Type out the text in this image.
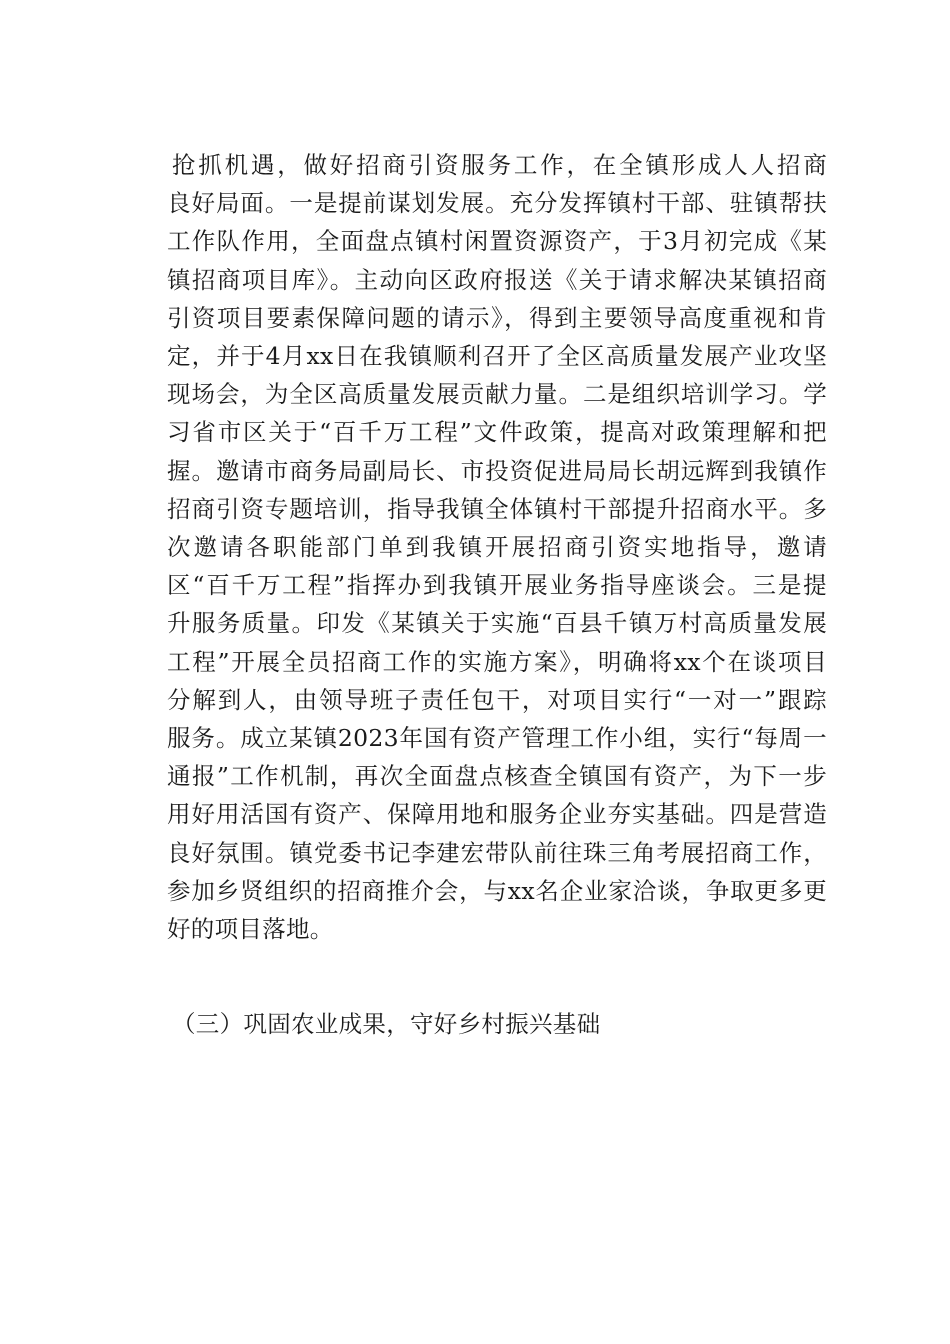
抢抓机遇，做好招商引资服务工作，在全镇形成人人招商
良好局面。一是提前谋划发展。充分发挥镇村干部、驻镇帮扶
工作队作用，全面盘点镇村闲置资源资产，于3月初完成《某
镇招商项目库》。主动向区政府报送《关于请求解决某镇招商
引资项目要素保障问题的请示》，得到主要领导高度重视和肯
定，并于4月xx日在我镇顺利召开了全区高质量发展产业攻坚
现场会，为全区高质量发展贡献力量。二是组织培训学习。学
习省市区关于“百千万工程”文件政策，提高对政策理解和把
握。邀请市商务局副局长、市投资促进局局长胡远辉到我镇作
招商引资专题培训，指导我镇全体镇村干部提升招商水平。多
次邀请各职能部门单到我镇开展招商引资实地指导，邀请
区“百千万工程”指挥办到我镇开展业务指导座谈会。三是提
升服务质量。印发《某镇关于实施“百县千镇万村高质量发展
工程”开展全员招商工作的实施方案》，明确将xx个在谈项目
分解到人，由领导班子责任包干，对项目实行“一对一”跟踪
服务。成立某镇2023年国有资产管理工作小组，实行“每周一
通报”工作机制，再次全面盘点核查全镇国有资产，为下一步
用好用活国有资产、保障用地和服务企业夯实基础。四是营造
良好氛围。镇党委书记李建宏带队前往珠三角考展招商工作，
参加乡贤组织的招商推介会，与xx名企业家洽谈，争取更多更
好的项目落地。
（三）巩固农业成果，守好乡村振兴基础
